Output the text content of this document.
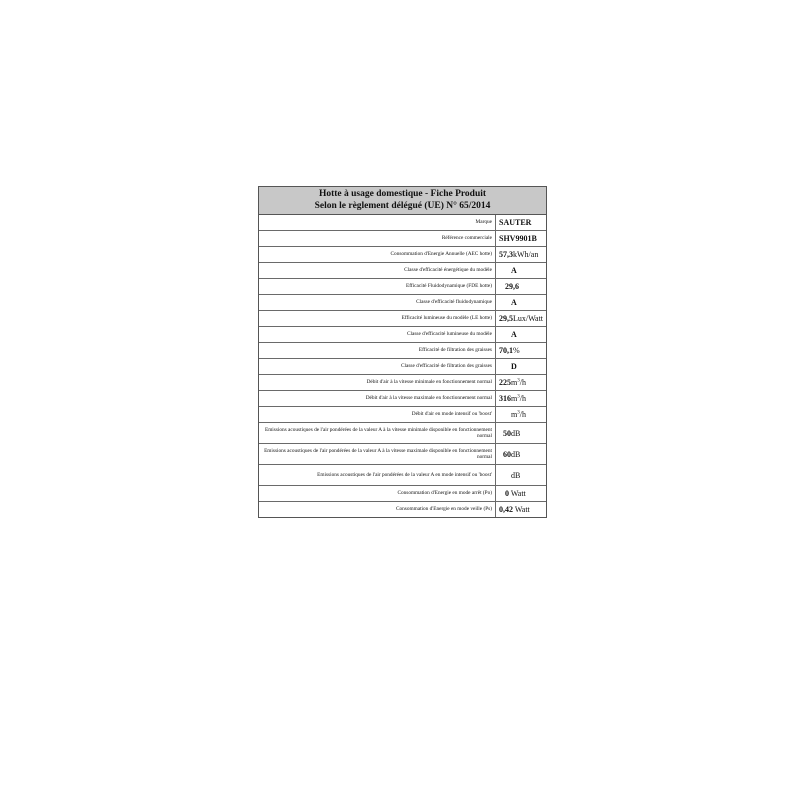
Hotte à usage domestique - Fiche Produit
Selon le règlement délégué (UE) N° 65/2014
Marque	SAUTER
Référence commerciale	SHV9901B
Consommation d'Energie Annuelle (AEC hotte)	57,3kWh/an
Classe d'efficacité énergétique du modèle	A
Efficacité Fluidodynamique (FDE hotte)	29,6
Classe d'efficacité fluidodynamique	A
Efficacité lumineuse du modèle (LE hotte)	29,5Lux/Watt
Classe d'efficacité lumineuse du modèle	A
Efficacité de filtration des graisses	70,1%
Classe d'efficacité de filtration des graisses	D
Débit d'air à la vitesse minimale en fonctionnement normal	$225m^3/h$
Débit d'air à la vitesse maximale en fonctionnement normal	$316m^3/h$
Débit d'air en mode intensif ou 'boost'	$m^3/h$
Emissions acoustiques de l'air pondérées de la valeur A à la vitesse minimale disponible en fonctionnement normal	50dB
Emissions acoustiques de l'air pondérées de la valeur A à la vitesse maximale disponible en fonctionnement normal	60dB
Emissions acoustiques de l'air pondérées de la valeur A en mode intensif ou 'boost'	dB
Consommation d'Energie en mode arrêt (Po)	0 Watt
Consommation d'Energie en mode veille (Ps)	0,42 Watt
